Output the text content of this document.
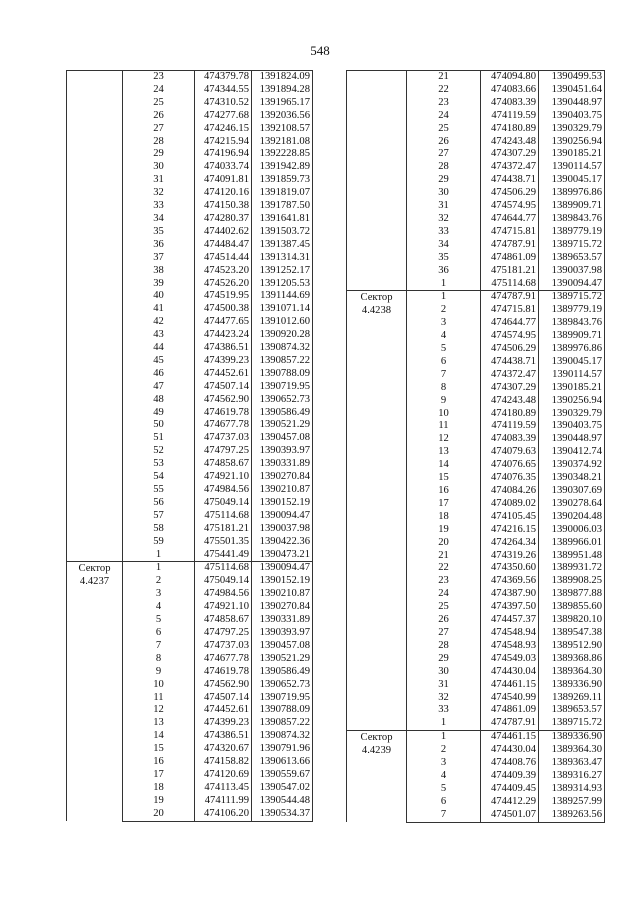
548
	23	474379.78	1391824.09
	24	474344.55	1391894.28
	25	474310.52	1391965.17
	26	474277.68	1392036.56
	27	474246.15	1392108.57
	28	474215.94	1392181.08
	29	474196.94	1392228.85
	30	474033.74	1391942.89
	31	474091.81	1391859.73
	32	474120.16	1391819.07
	33	474150.38	1391787.50
	34	474280.37	1391641.81
	35	474402.62	1391503.72
	36	474484.47	1391387.45
	37	474514.44	1391314.31
	38	474523.20	1391252.17
	39	474526.20	1391205.53
	40	474519.95	1391144.69
	41	474500.38	1391071.14
	42	474477.65	1391012.60
	43	474423.24	1390920.28
	44	474386.51	1390874.32
	45	474399.23	1390857.22
	46	474452.61	1390788.09
	47	474507.14	1390719.95
	48	474562.90	1390652.73
	49	474619.78	1390586.49
	50	474677.78	1390521.29
	51	474737.03	1390457.08
	52	474797.25	1390393.97
	53	474858.67	1390331.89
	54	474921.10	1390270.84
	55	474984.56	1390210.87
	56	475049.14	1390152.19
	57	475114.68	1390094.47
	58	475181.21	1390037.98
	59	475501.35	1390422.36
	1	475441.49	1390473.21

Сектор
4.4237	1	475114.68	1390094.47
	2	475049.14	1390152.19
	3	474984.56	1390210.87
	4	474921.10	1390270.84
	5	474858.67	1390331.89
	6	474797.25	1390393.97
	7	474737.03	1390457.08
	8	474677.78	1390521.29
	9	474619.78	1390586.49
	10	474562.90	1390652.73
	11	474507.14	1390719.95
	12	474452.61	1390788.09
	13	474399.23	1390857.22
	14	474386.51	1390874.32
	15	474320.67	1390791.96
	16	474158.82	1390613.66
	17	474120.69	1390559.67
	18	474113.45	1390547.02
	19	474111.99	1390544.48
	20	474106.20	1390534.37
	21	474094.80	1390499.53
	22	474083.66	1390451.64
	23	474083.39	1390448.97
	24	474119.59	1390403.75
	25	474180.89	1390329.79
	26	474243.48	1390256.94
	27	474307.29	1390185.21
	28	474372.47	1390114.57
	29	474438.71	1390045.17
	30	474506.29	1389976.86
	31	474574.95	1389909.71
	32	474644.77	1389843.76
	33	474715.81	1389779.19
	34	474787.91	1389715.72
	35	474861.09	1389653.57
	36	475181.21	1390037.98
	1	475114.68	1390094.47

Сектор
4.4238	1	474787.91	1389715.72
	2	474715.81	1389779.19
	3	474644.77	1389843.76
	4	474574.95	1389909.71
	5	474506.29	1389976.86
	6	474438.71	1390045.17
	7	474372.47	1390114.57
	8	474307.29	1390185.21
	9	474243.48	1390256.94
	10	474180.89	1390329.79
	11	474119.59	1390403.75
	12	474083.39	1390448.97
	13	474079.63	1390412.74
	14	474076.65	1390374.92
	15	474076.35	1390348.21
	16	474084.26	1390307.69
	17	474089.02	1390278.64
	18	474105.45	1390204.48
	19	474216.15	1390006.03
	20	474264.34	1389966.01
	21	474319.26	1389951.48
	22	474350.60	1389931.72
	23	474369.56	1389908.25
	24	474387.90	1389877.88
	25	474397.50	1389855.60
	26	474457.37	1389820.10
	27	474548.94	1389547.38
	28	474548.93	1389512.90
	29	474549.03	1389368.86
	30	474430.04	1389364.30
	31	474461.15	1389336.90
	32	474540.99	1389269.11
	33	474861.09	1389653.57
	1	474787.91	1389715.72

Сектор
4.4239	1	474461.15	1389336.90
	2	474430.04	1389364.30
	3	474408.76	1389363.47
	4	474409.39	1389316.27
	5	474409.45	1389314.93
	6	474412.29	1389257.99
	7	474501.07	1389263.56
